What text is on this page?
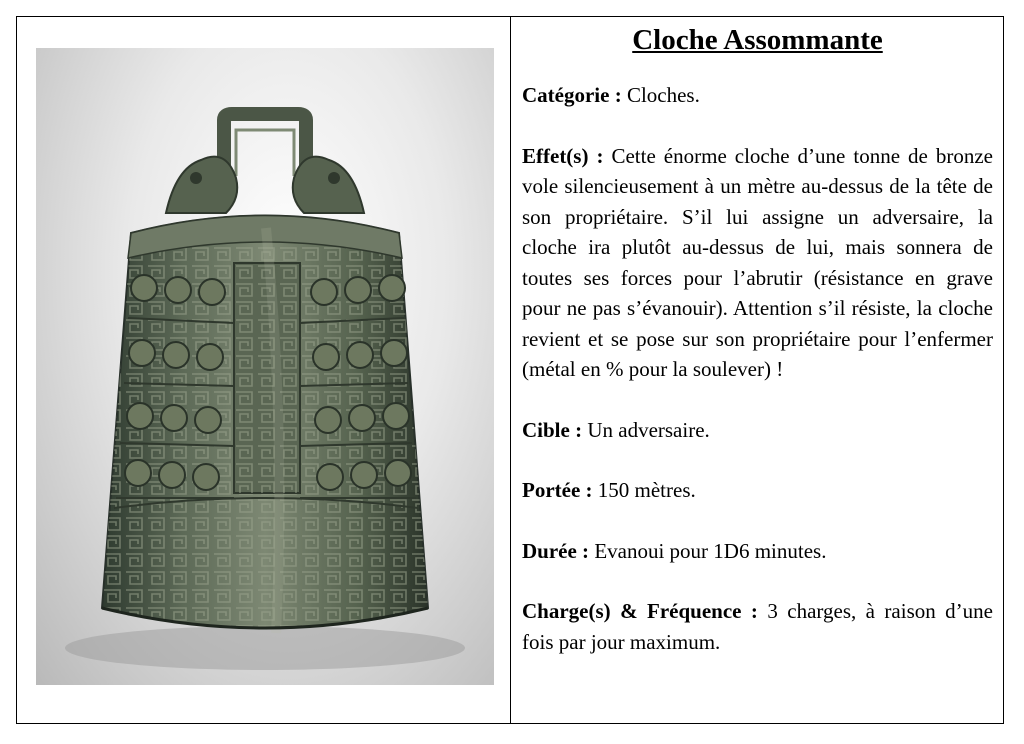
Cloche Assommante
Catégorie : Cloches.
Effet(s) : Cette énorme cloche d’une tonne de bronze vole silencieusement à un mètre au-dessus de la tête de son propriétaire. S’il lui assigne un adversaire, la cloche ira plutôt au-dessus de lui, mais sonnera de toutes ses forces pour l’abrutir (résistance en grave pour ne pas s’évanouir). Attention s’il résiste, la cloche revient et se pose sur son propriétaire pour l’enfermer (métal en % pour la soulever) !
Cible : Un adversaire.
Portée : 150 mètres.
Durée : Evanoui pour 1D6 minutes.
Charge(s) & Fréquence : 3 charges, à raison d’une fois par jour maximum.
